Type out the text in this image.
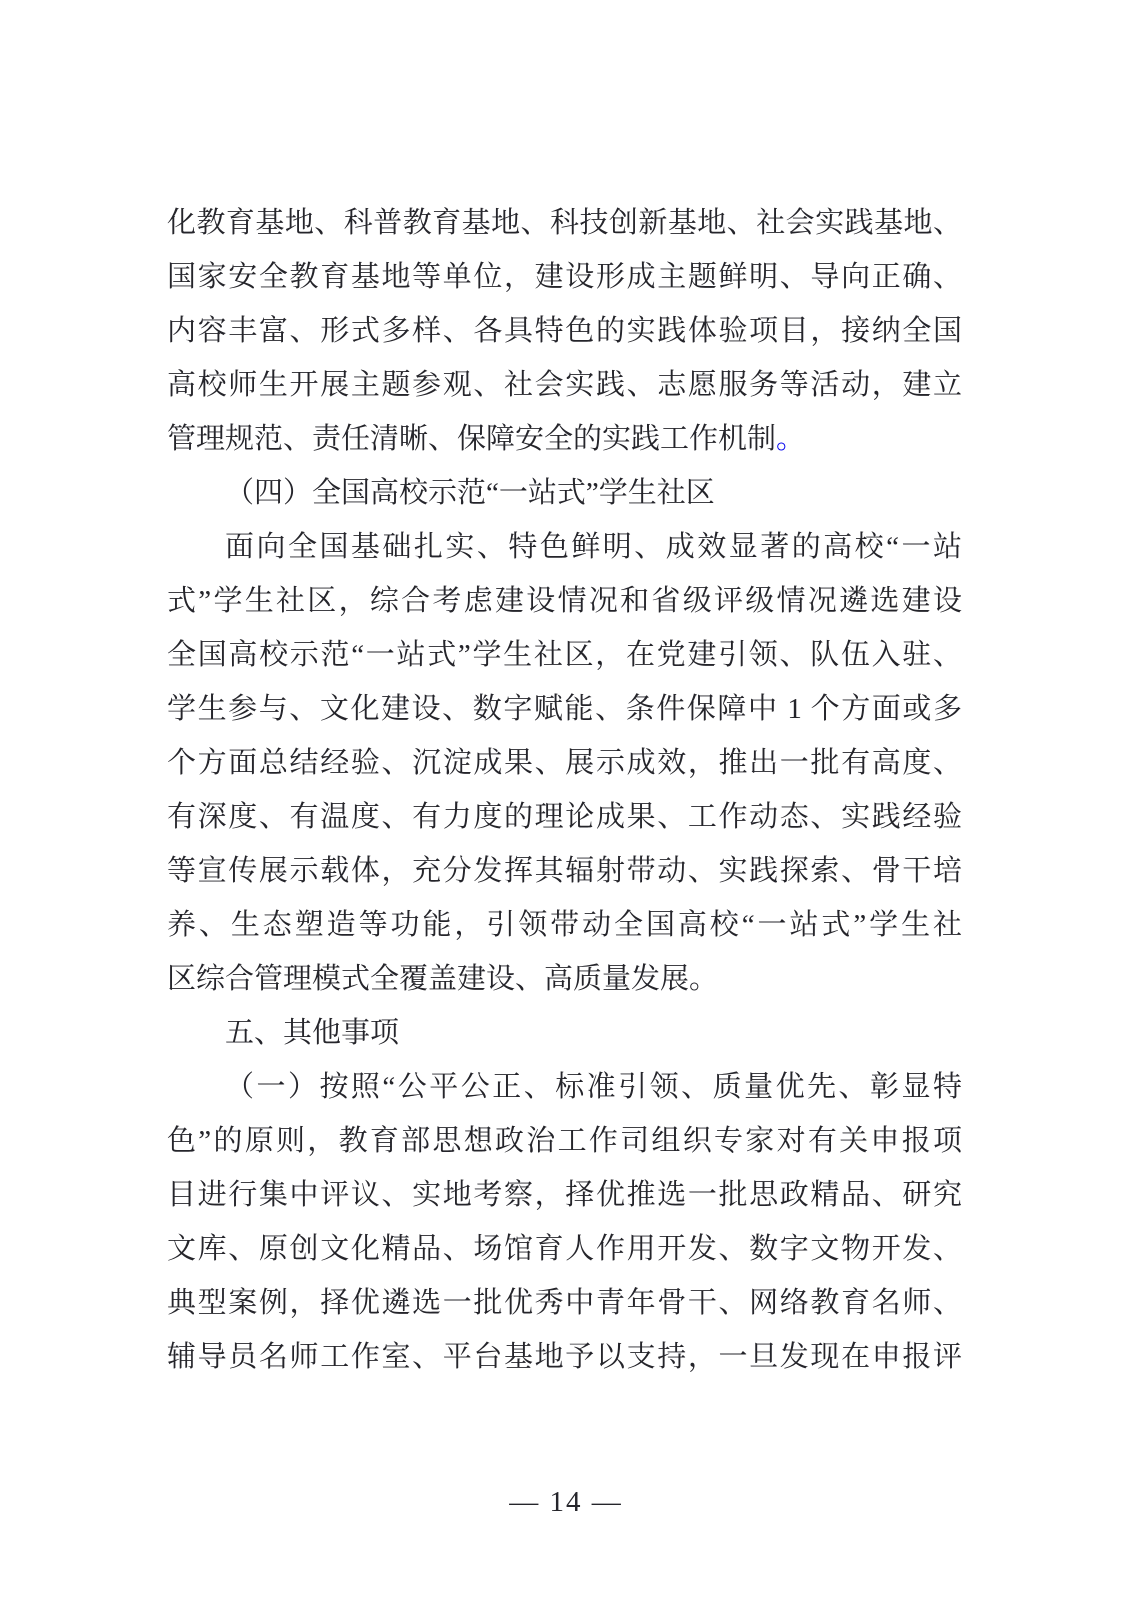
化教育基地、科普教育基地、科技创新基地、社会实践基地、
国家安全教育基地等单位，建设形成主题鲜明、导向正确、
内容丰富、形式多样、各具特色的实践体验项目，接纳全国
高校师生开展主题参观、社会实践、志愿服务等活动，建立
管理规范、责任清晰、保障安全的实践工作机制。
（四）全国高校示范“一站式”学生社区
面向全国基础扎实、特色鲜明、成效显著的高校“一站
式”学生社区，综合考虑建设情况和省级评级情况遴选建设
全国高校示范“一站式”学生社区，在党建引领、队伍入驻、
学生参与、文化建设、数字赋能、条件保障中 1 个方面或多
个方面总结经验、沉淀成果、展示成效，推出一批有高度、
有深度、有温度、有力度的理论成果、工作动态、实践经验
等宣传展示载体，充分发挥其辐射带动、实践探索、骨干培
养、生态塑造等功能，引领带动全国高校“一站式”学生社
区综合管理模式全覆盖建设、高质量发展。
五、其他事项
（一）按照“公平公正、标准引领、质量优先、彰显特
色”的原则，教育部思想政治工作司组织专家对有关申报项
目进行集中评议、实地考察，择优推选一批思政精品、研究
文库、原创文化精品、场馆育人作用开发、数字文物开发、
典型案例，择优遴选一批优秀中青年骨干、网络教育名师、
辅导员名师工作室、平台基地予以支持，一旦发现在申报评
— 14 —
